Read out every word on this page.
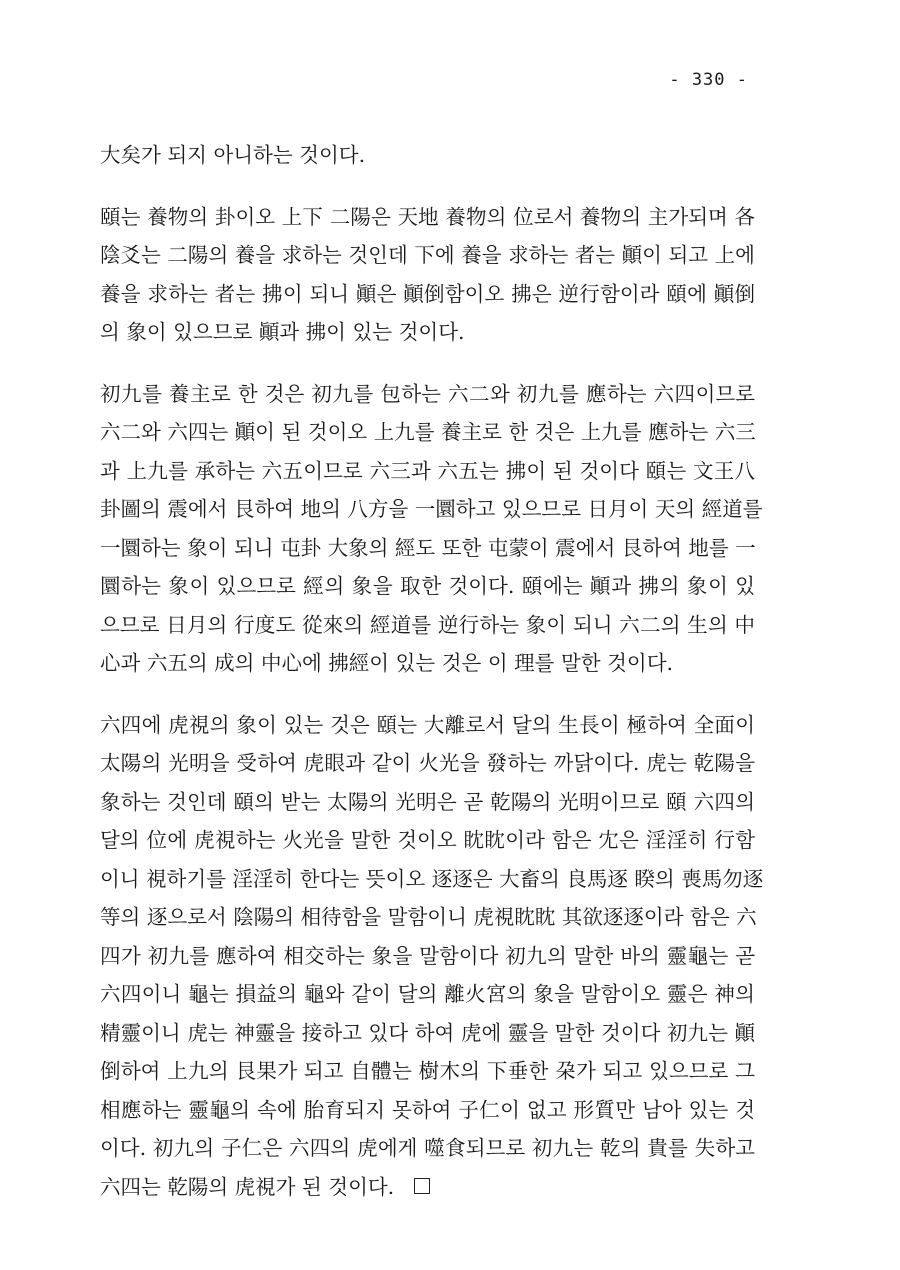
- 330 -
大矣가 되지 아니하는 것이다.
頤는 養物의 卦이오 上下 二陽은 天地 養物의 位로서 養物의 主가되며 各
陰爻는 二陽의 養을 求하는 것인데 下에 養을 求하는 者는 顚이 되고 上에
養을 求하는 者는 拂이 되니 顚은 顚倒함이오 拂은 逆行함이라 頤에 顚倒
의 象이 있으므로 顚과 拂이 있는 것이다.
初九를 養主로 한 것은 初九를 包하는 六二와 初九를 應하는 六四이므로
六二와 六四는 顚이 된 것이오 上九를 養主로 한 것은 上九를 應하는 六三
과 上九를 承하는 六五이므로 六三과 六五는 拂이 된 것이다 頤는 文王八
卦圖의 震에서 艮하여 地의 八方을 一圜하고 있으므로 日月이 天의 經道를
一圜하는 象이 되니 屯卦 大象의 經도 또한 屯蒙이 震에서 艮하여 地를 一
圜하는 象이 있으므로 經의 象을 取한 것이다. 頤에는 顚과 拂의 象이 있
으므로 日月의 行度도 從來의 經道를 逆行하는 象이 되니 六二의 生의 中
心과 六五의 成의 中心에 拂經이 있는 것은 이 理를 말한 것이다.
六四에 虎視의 象이 있는 것은 頤는 大離로서 달의 生長이 極하여 全面이
太陽의 光明을 受하여 虎眼과 같이 火光을 發하는 까닭이다. 虎는 乾陽을
象하는 것인데 頤의 받는 太陽의 光明은 곧 乾陽의 光明이므로 頤 六四의
달의 位에 虎視하는 火光을 말한 것이오 眈眈이라 함은 冘은 淫淫히 行함
이니 視하기를 淫淫히 한다는 뜻이오 逐逐은 大畜의 良馬逐 睽의 喪馬勿逐
等의 逐으로서 陰陽의 相待함을 말함이니 虎視眈眈 其欲逐逐이라 함은 六
四가 初九를 應하여 相交하는 象을 말함이다 初九의 말한 바의 靈龜는 곧
六四이니 龜는 損益의 龜와 같이 달의 離火宮의 象을 말함이오 靈은 神의
精靈이니 虎는 神靈을 接하고 있다 하여 虎에 靈을 말한 것이다 初九는 顚
倒하여 上九의 艮果가 되고 自體는 樹木의 下垂한 朶가 되고 있으므로 그
相應하는 靈龜의 속에 胎育되지 못하여 子仁이 없고 形質만 남아 있는 것
이다. 初九의 子仁은 六四의 虎에게 噬食되므로 初九는 乾의 貴를 失하고
六四는 乾陽의 虎視가 된 것이다.
